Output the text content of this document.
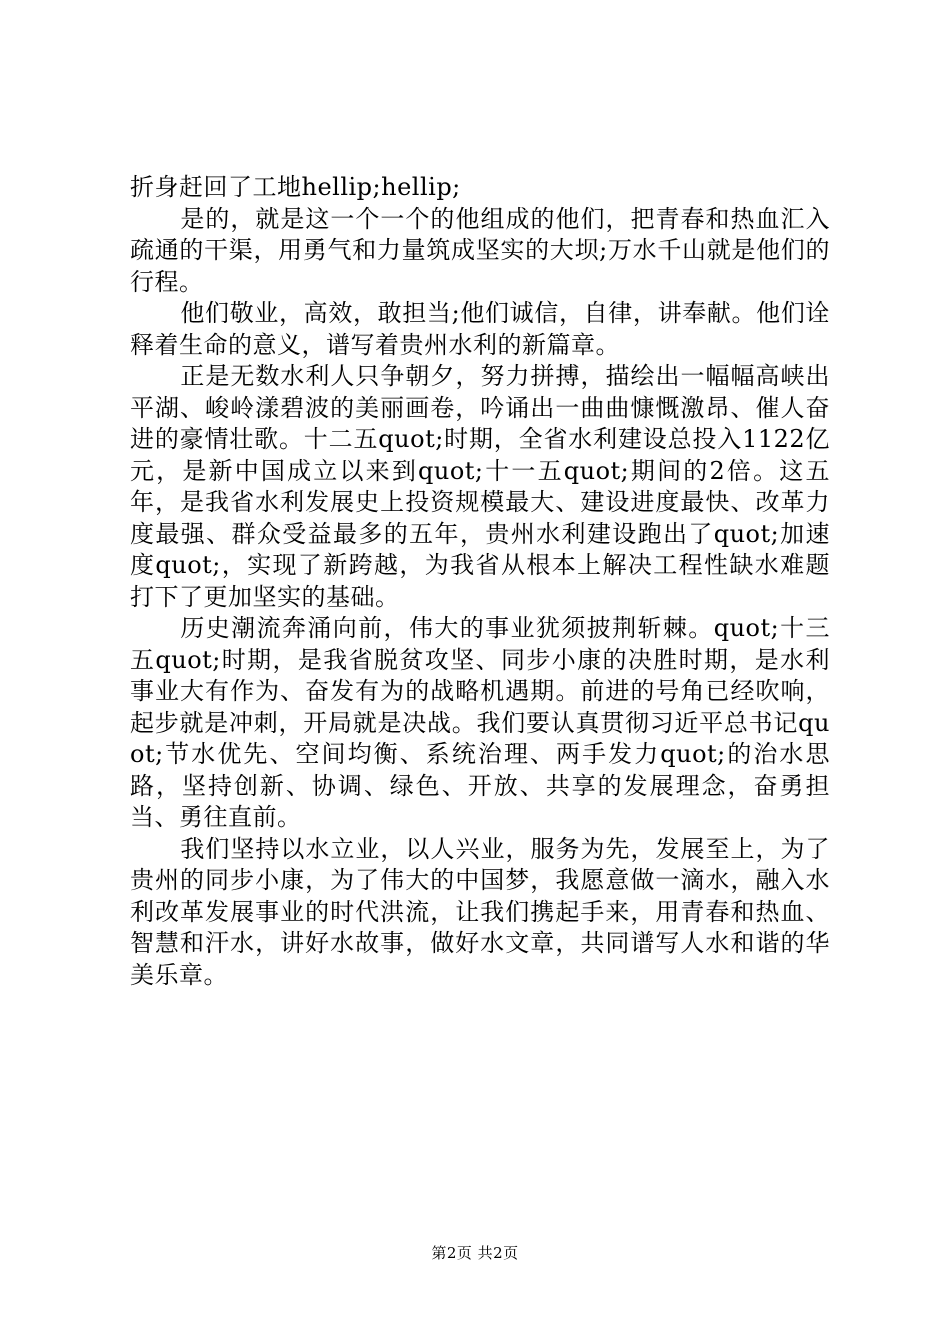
折身赶回了工地hellip;hellip;

是的，就是这一个一个的他组成的他们，把青春和热血汇入疏通的干渠，用勇气和力量筑成坚实的大坝;万水千山就是他们的行程。

他们敬业，高效，敢担当;他们诚信，自律，讲奉献。他们诠释着生命的意义，谱写着贵州水利的新篇章。

正是无数水利人只争朝夕，努力拼搏，描绘出一幅幅高峡出平湖、峻岭漾碧波的美丽画卷，吟诵出一曲曲慷慨激昂、催人奋进的豪情壮歌。十二五quot;时期，全省水利建设总投入1122亿元，是新中国成立以来到quot;十一五quot;期间的2倍。这五年，是我省水利发展史上投资规模最大、建设进度最快、改革力度最强、群众受益最多的五年，贵州水利建设跑出了quot;加速度quot;，实现了新跨越，为我省从根本上解决工程性缺水难题打下了更加坚实的基础。

历史潮流奔涌向前，伟大的事业犹须披荆斩棘。quot;十三五quot;时期，是我省脱贫攻坚、同步小康的决胜时期，是水利事业大有作为、奋发有为的战略机遇期。前进的号角已经吹响，起步就是冲刺，开局就是决战。我们要认真贯彻习近平总书记quot;节水优先、空间均衡、系统治理、两手发力quot;的治水思路，坚持创新、协调、绿色、开放、共享的发展理念，奋勇担当、勇往直前。

我们坚持以水立业，以人兴业，服务为先，发展至上，为了贵州的同步小康，为了伟大的中国梦，我愿意做一滴水，融入水利改革发展事业的时代洪流，让我们携起手来，用青春和热血、智慧和汗水，讲好水故事，做好水文章，共同谱写人水和谐的华美乐章。

第2页 共2页
